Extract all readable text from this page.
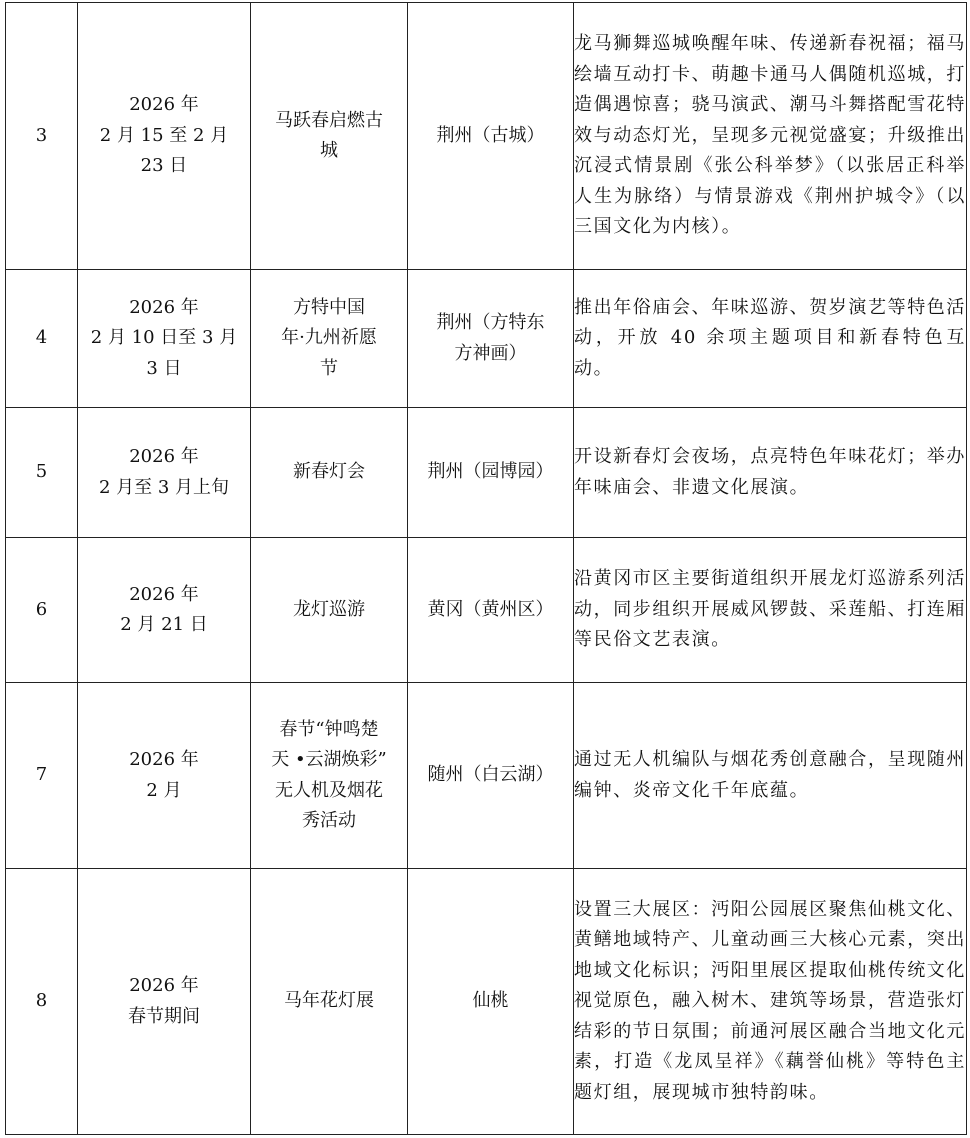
3	2026 年
2 月 15 至 2 月
23 日	马跃春启燃古
城	荆州（古城）	龙马狮舞巡城唤醒年味、传递新春祝福；福马绘墙互动打卡、萌趣卡通马人偶随机巡城，打造偶遇惊喜；骁马演武、潮马斗舞搭配雪花特效与动态灯光，呈现多元视觉盛宴；升级推出沉浸式情景剧《张公科举梦》（以张居正科举人生为脉络）与情景游戏《荆州护城令》（以三国文化为内核）。
4	2026 年
2 月 10 日至 3 月
3 日	方特中国
年·九州祈愿
节	荆州（方特东
方神画）	推出年俗庙会、年味巡游、贺岁演艺等特色活动，开放 40 余项主题项目和新春特色互动。
5	2026 年
2 月至 3 月上旬	新春灯会	荆州（园博园）	开设新春灯会夜场，点亮特色年味花灯；举办年味庙会、非遗文化展演。
6	2026 年
2 月 21 日	龙灯巡游	黄冈（黄州区）	沿黄冈市区主要街道组织开展龙灯巡游系列活动，同步组织开展威风锣鼓、采莲船、打连厢等民俗文艺表演。
7	2026 年
2 月	春节“钟鸣楚
天 •云湖焕彩”
无人机及烟花
秀活动	随州（白云湖）	通过无人机编队与烟花秀创意融合，呈现随州编钟、炎帝文化千年底蕴。
8	2026 年
春节期间	马年花灯展	仙桃	设置三大展区：沔阳公园展区聚焦仙桃文化、黄鳝地域特产、儿童动画三大核心元素，突出地域文化标识；沔阳里展区提取仙桃传统文化视觉原色，融入树木、建筑等场景，营造张灯结彩的节日氛围；前通河展区融合当地文化元素，打造《龙凤呈祥》《藕誉仙桃》等特色主题灯组，展现城市独特韵味。
